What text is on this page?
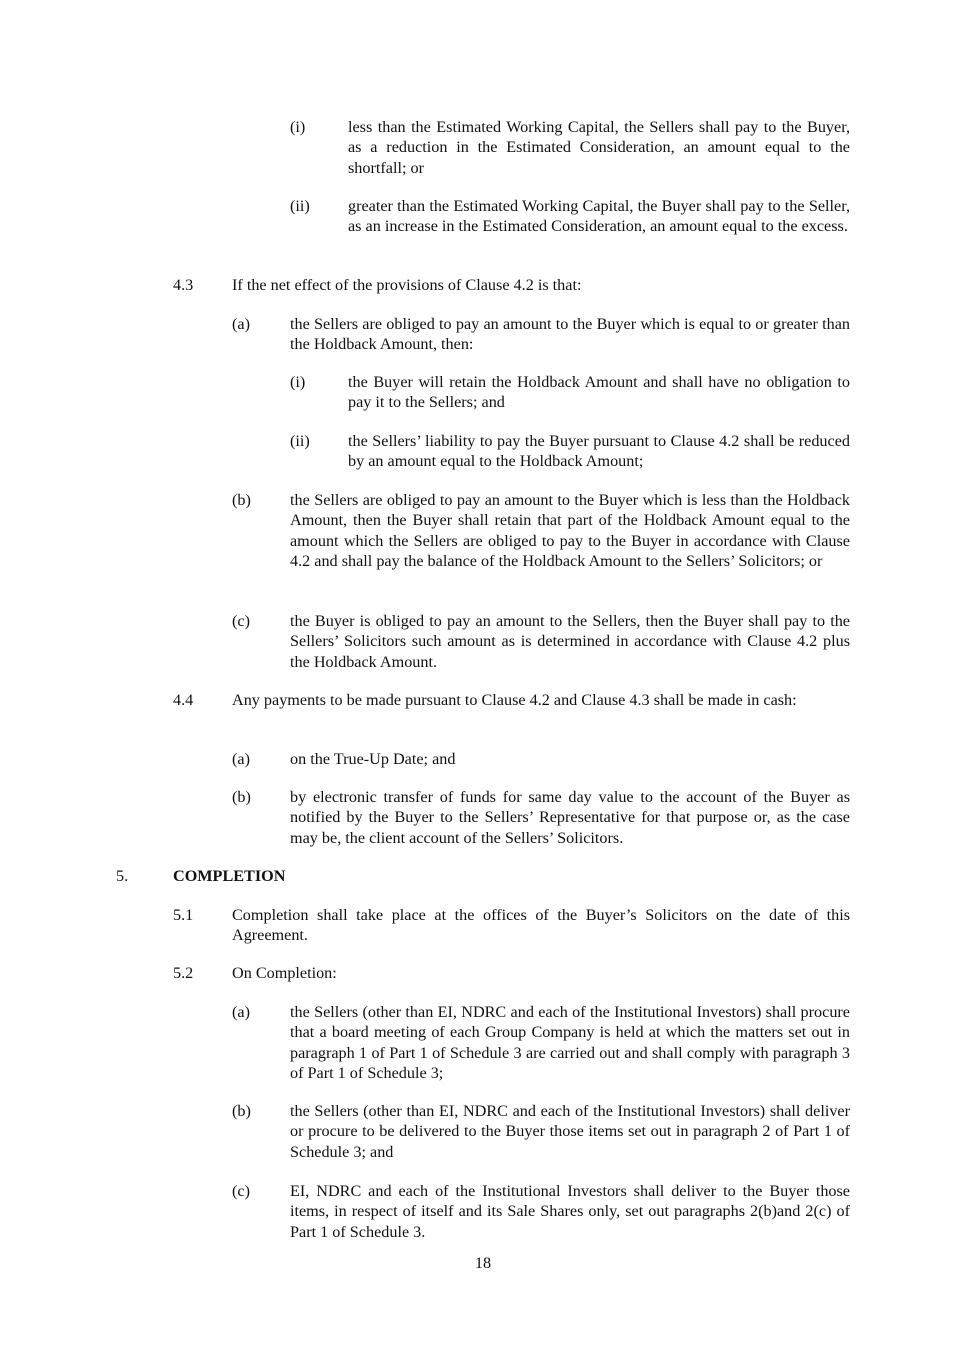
(i)	less than the Estimated Working Capital, the Sellers shall pay to the Buyer, as a reduction in the Estimated Consideration, an amount equal to the shortfall; or

(ii) greater than the Estimated Working Capital, the Buyer shall pay to the Seller, as an increase in the Estimated Consideration, an amount equal to the excess.

4.3 If the net effect of the provisions of Clause 4.2 is that:

(a) the Sellers are obliged to pay an amount to the Buyer which is equal to or greater than the Holdback Amount, then:

(i)	the Buyer will retain the Holdback Amount and shall have no obligation to pay it to the Sellers; and

(ii) the Sellers’ liability to pay the Buyer pursuant to Clause 4.2 shall be reduced by an amount equal to the Holdback Amount;

(b) the Sellers are obliged to pay an amount to the Buyer which is less than the Holdback Amount, then the Buyer shall retain that part of the Holdback Amount equal to the amount which the Sellers are obliged to pay to the Buyer in accordance with Clause 4.2 and shall pay the balance of the Holdback Amount to the Sellers’ Solicitors; or

(c) the Buyer is obliged to pay an amount to the Sellers, then the Buyer shall pay to the Sellers’ Solicitors such amount as is determined in accordance with Clause 4.2 plus the Holdback Amount.

4.4 Any payments to be made pursuant to Clause 4.2 and Clause 4.3 shall be made in cash:

(a) on the True-Up Date; and

(b) by electronic transfer of funds for same day value to the account of the Buyer as notified by the Buyer to the Sellers’ Representative for that purpose or, as the case may be, the client account of the Sellers’ Solicitors.

5.	COMPLETION
5.1 Completion shall take place at the offices of the Buyer’s Solicitors on the date of this Agreement.

5.2 On Completion:

(a) the Sellers (other than EI, NDRC and each of the Institutional Investors) shall procure that a board meeting of each Group Company is held at which the matters set out in paragraph 1 of Part 1 of Schedule 3 are carried out and shall comply with paragraph 3 of Part 1 of Schedule 3;

(b) the Sellers (other than EI, NDRC and each of the Institutional Investors) shall deliver or procure to be delivered to the Buyer those items set out in paragraph 2 of Part 1 of Schedule 3; and

(c) EI, NDRC and each of the Institutional Investors shall deliver to the Buyer those items, in respect of itself and its Sale Shares only, set out paragraphs 2(b)and 2(c) of Part 1 of Schedule 3.

18
